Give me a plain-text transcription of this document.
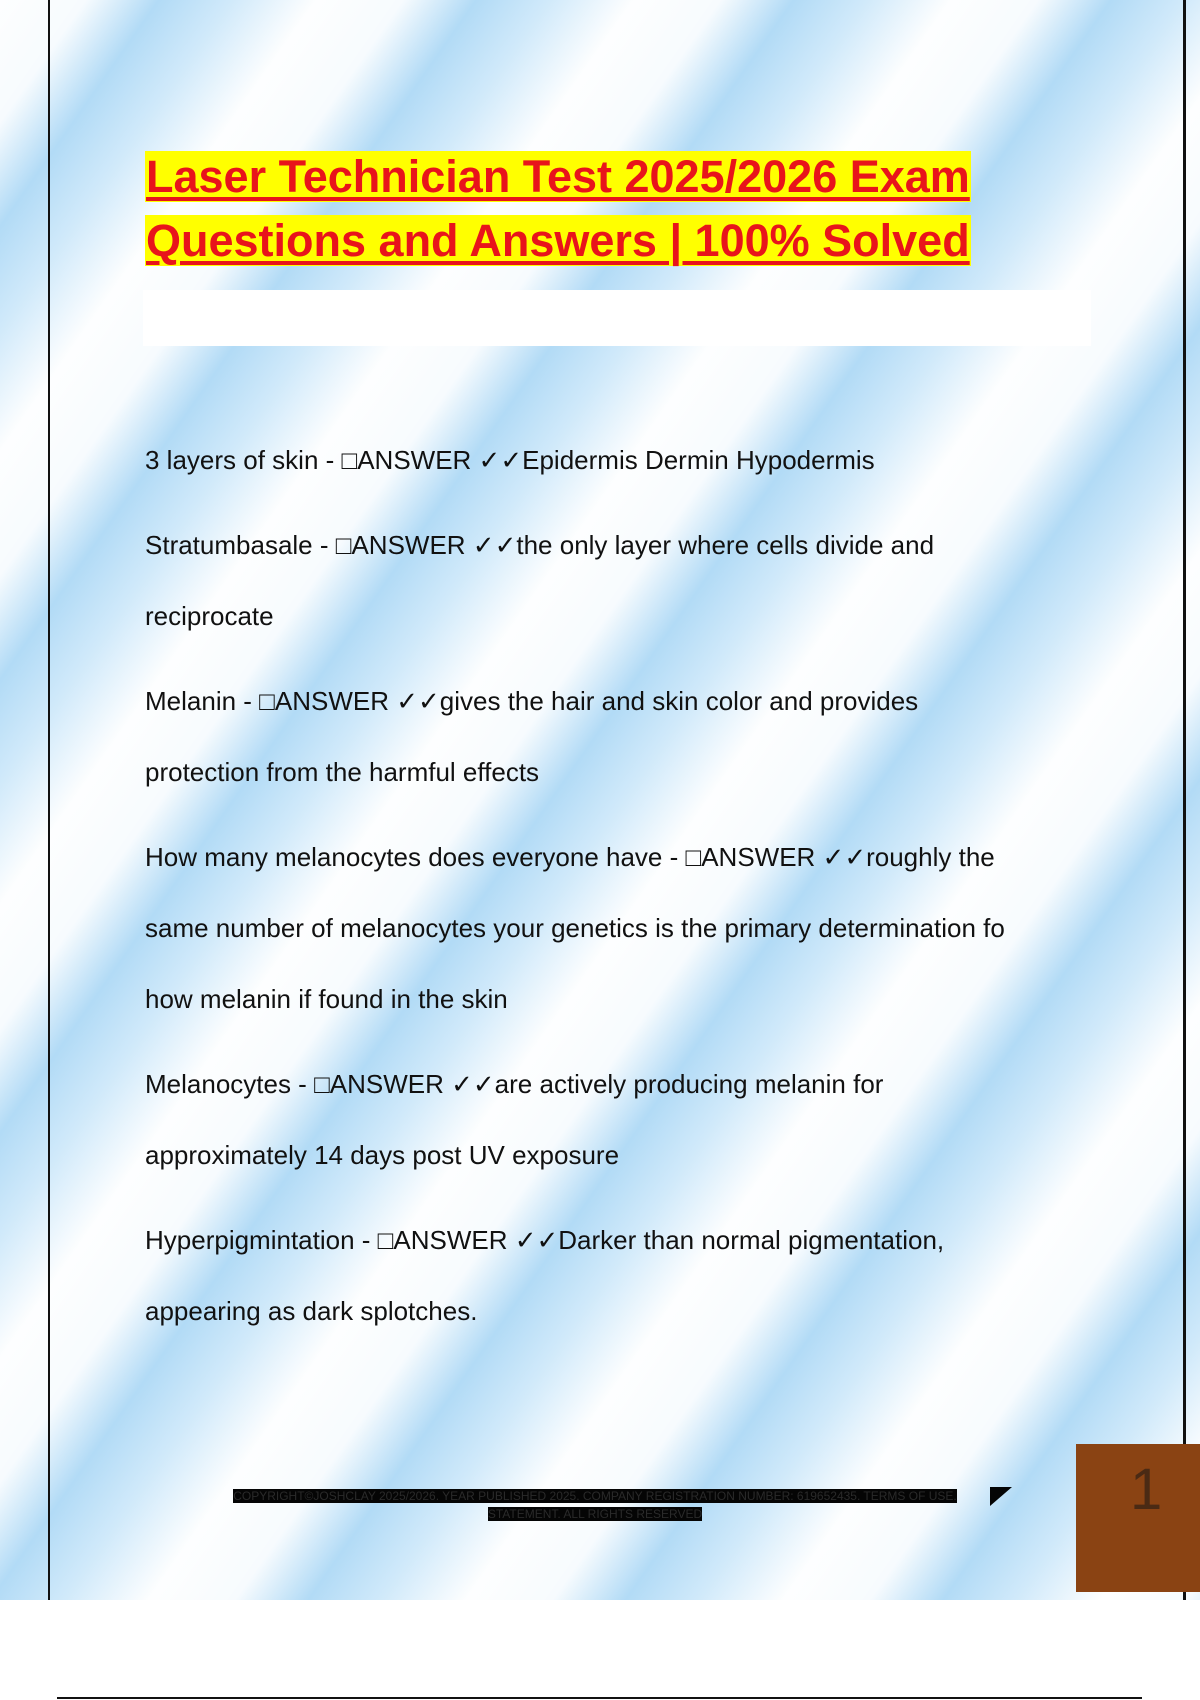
Laser Technician Test 2025/2026 Exam
Questions and Answers | 100% Solved

3 layers of skin - □ANSWER ✓✓Epidermis Dermin Hypodermis

Stratumbasale - □ANSWER ✓✓the only layer where cells divide and
reciprocate

Melanin - □ANSWER ✓✓gives the hair and skin color and provides
protection from the harmful effects

How many melanocytes does everyone have - □ANSWER ✓✓roughly the
same number of melanocytes your genetics is the primary determination fo
how melanin if found in the skin

Melanocytes - □ANSWER ✓✓are actively producing melanin for
approximately 14 days post UV exposure

Hyperpigmintation - □ANSWER ✓✓Darker than normal pigmentation,
appearing as dark splotches.

COPYRIGHT©JOSHCLAY 2025/2026. YEAR PUBLISHED 2025. COMPANY REGISTRATION NUMBER: 619652435. TERMS OF USE.
STATEMENT. ALL RIGHTS RESERVED	1
